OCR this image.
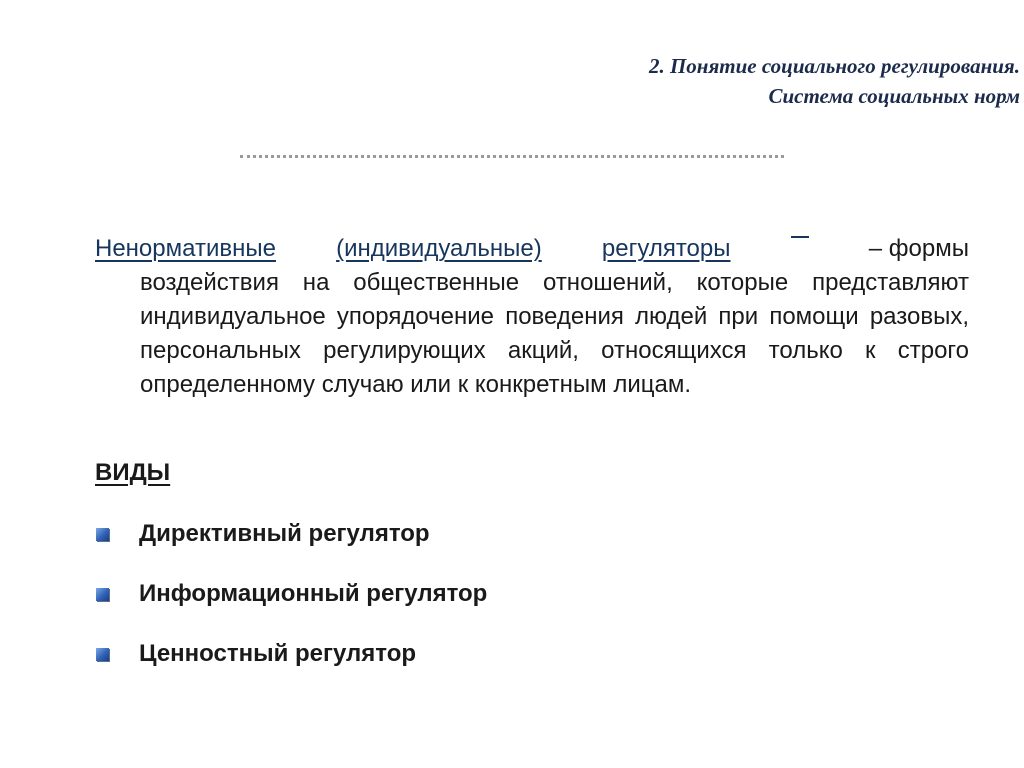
2. Понятие социального регулирования.
Система социальных норм
Ненормативные	(индивидуальные)	регуляторы	– формы
воздействия на общественные отношений, которые представляют индивидуальное упорядочение поведения людей при помощи разовых, персональных регулирующих акций, относящихся только к строго определенному случаю или к конкретным лицам.
ВИДЫ
Директивный регулятор
Информационный регулятор
Ценностный регулятор
